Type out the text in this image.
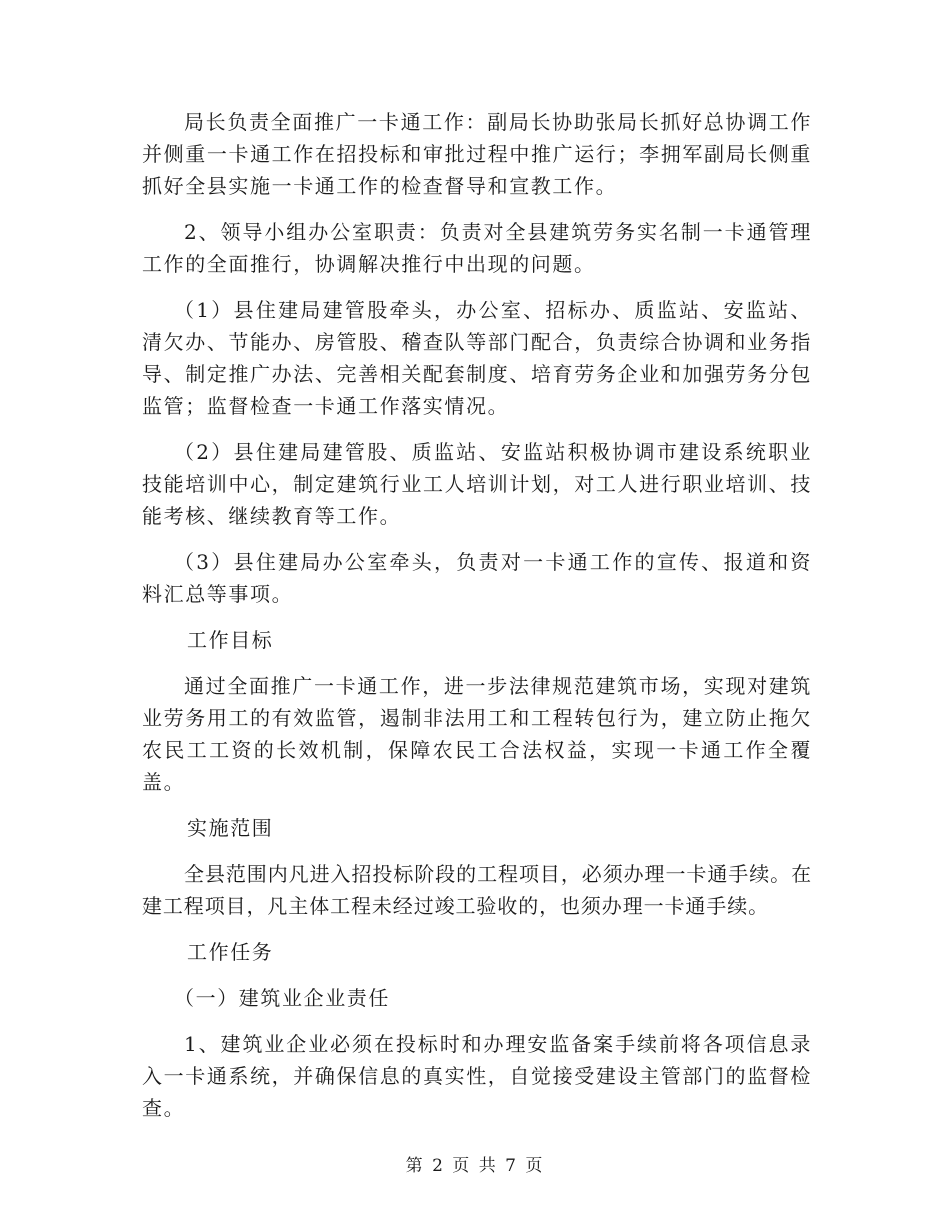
局长负责全面推广一卡通工作：副局长协助张局长抓好总协调工作并侧重一卡通工作在招投标和审批过程中推广运行；李拥军副局长侧重抓好全县实施一卡通工作的检查督导和宣教工作。

2、领导小组办公室职责：负责对全县建筑劳务实名制一卡通管理工作的全面推行，协调解决推行中出现的问题。

（1）县住建局建管股牵头，办公室、招标办、质监站、安监站、清欠办、节能办、房管股、稽查队等部门配合，负责综合协调和业务指导、制定推广办法、完善相关配套制度、培育劳务企业和加强劳务分包监管；监督检查一卡通工作落实情况。

（2）县住建局建管股、质监站、安监站积极协调市建设系统职业技能培训中心，制定建筑行业工人培训计划，对工人进行职业培训、技能考核、继续教育等工作。

（3）县住建局办公室牵头，负责对一卡通工作的宣传、报道和资料汇总等事项。

工作目标

通过全面推广一卡通工作，进一步法律规范建筑市场，实现对建筑业劳务用工的有效监管，遏制非法用工和工程转包行为，建立防止拖欠农民工工资的长效机制，保障农民工合法权益，实现一卡通工作全覆盖。

实施范围

全县范围内凡进入招投标阶段的工程项目，必须办理一卡通手续。在建工程项目，凡主体工程未经过竣工验收的，也须办理一卡通手续。

工作任务

（一）建筑业企业责任

1、建筑业企业必须在投标时和办理安监备案手续前将各项信息录入一卡通系统，并确保信息的真实性，自觉接受建设主管部门的监督检查。

第 2 页 共 7 页
